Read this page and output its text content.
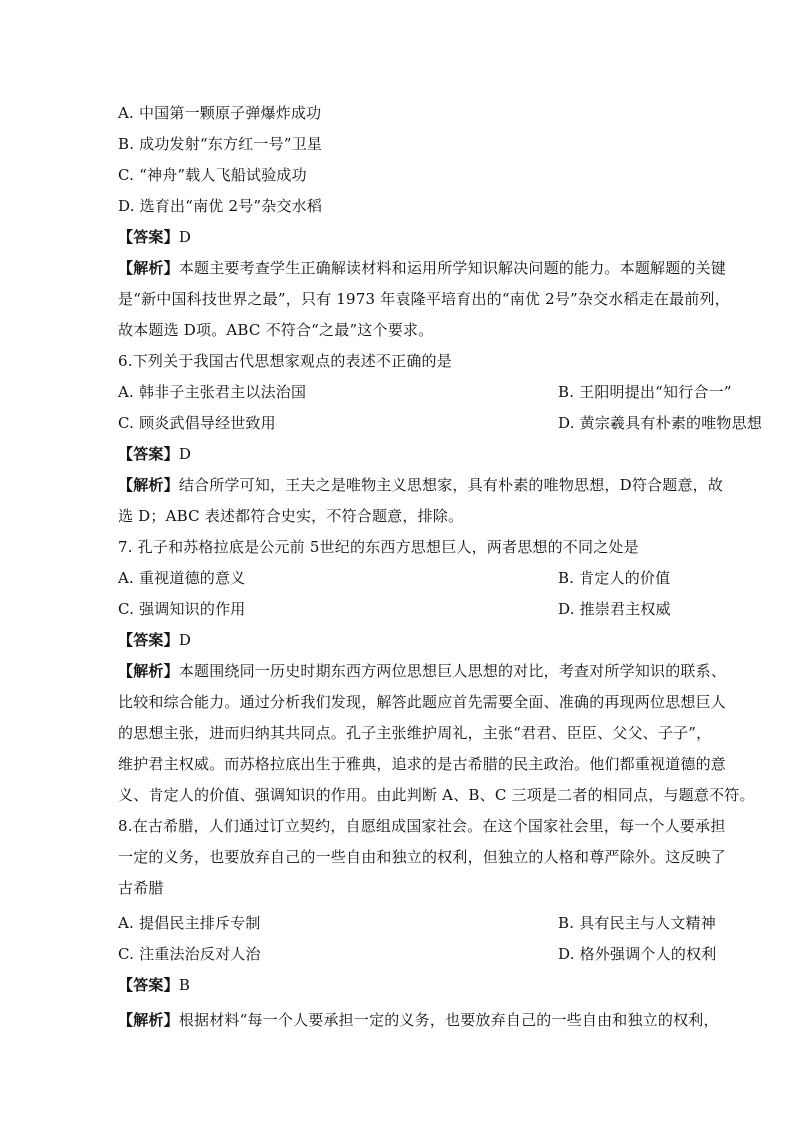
A. 中国第一颗原子弹爆炸成功
B. 成功发射“东方红一号”卫星
C. “神舟”载人飞船试验成功
D. 选育出“南优 2号”杂交水稻
【答案】D
【解析】本题主要考查学生正确解读材料和运用所学知识解决问题的能力。本题解题的关键
是“新中国科技世界之最”，只有 1973 年袁隆平培育出的“南优 2号”杂交水稻走在最前列，
故本题选 D项。ABC 不符合“之最”这个要求。
6.下列关于我国古代思想家观点的表述不正确的是
A. 韩非子主张君主以法治国	B. 王阳明提出“知行合一”
C. 顾炎武倡导经世致用	D. 黄宗羲具有朴素的唯物思想
【答案】D
【解析】结合所学可知，王夫之是唯物主义思想家，具有朴素的唯物思想，D符合题意，故
选 D；ABC 表述都符合史实，不符合题意，排除。
7. 孔子和苏格拉底是公元前 5世纪的东西方思想巨人，两者思想的不同之处是
A. 重视道德的意义	B. 肯定人的价值
C. 强调知识的作用	D. 推崇君主权威
【答案】D
【解析】本题围绕同一历史时期东西方两位思想巨人思想的对比，考查对所学知识的联系、
比较和综合能力。通过分析我们发现，解答此题应首先需要全面、准确的再现两位思想巨人
的思想主张，进而归纳其共同点。孔子主张维护周礼，主张“君君、臣臣、父父、子子”，
维护君主权威。而苏格拉底出生于雅典，追求的是古希腊的民主政治。他们都重视道德的意
义、肯定人的价值、强调知识的作用。由此判断 A、B、C 三项是二者的相同点，与题意不符。
8.在古希腊，人们通过订立契约，自愿组成国家社会。在这个国家社会里，每一个人要承担
一定的义务，也要放弃自己的一些自由和独立的权利，但独立的人格和尊严除外。这反映了
古希腊
A. 提倡民主排斥专制	B. 具有民主与人文精神
C. 注重法治反对人治	D. 格外强调个人的权利
【答案】B
【解析】根据材料“每一个人要承担一定的义务，也要放弃自己的一些自由和独立的权利，
